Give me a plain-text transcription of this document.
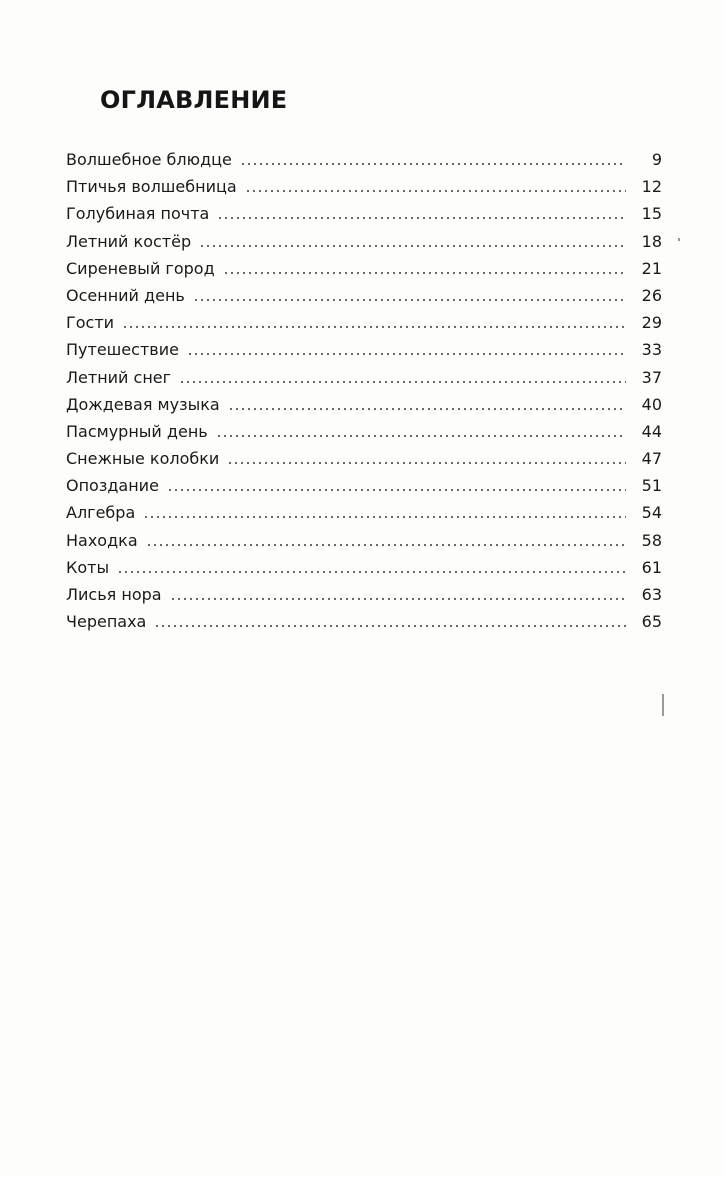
ОГЛАВЛЕНИЕ
Волшебное блюдце	9
Птичья волшебница	12
Голубиная почта	15
Летний костёр	18
Сиреневый город	21
Осенний день	26
Гости	29
Путешествие	33
Летний снег	37
Дождевая музыка	40
Пасмурный день	44
Снежные колобки	47
Опоздание	51
Алгебра	54
Находка	58
Коты	61
Лисья нора	63
Черепаха	65
